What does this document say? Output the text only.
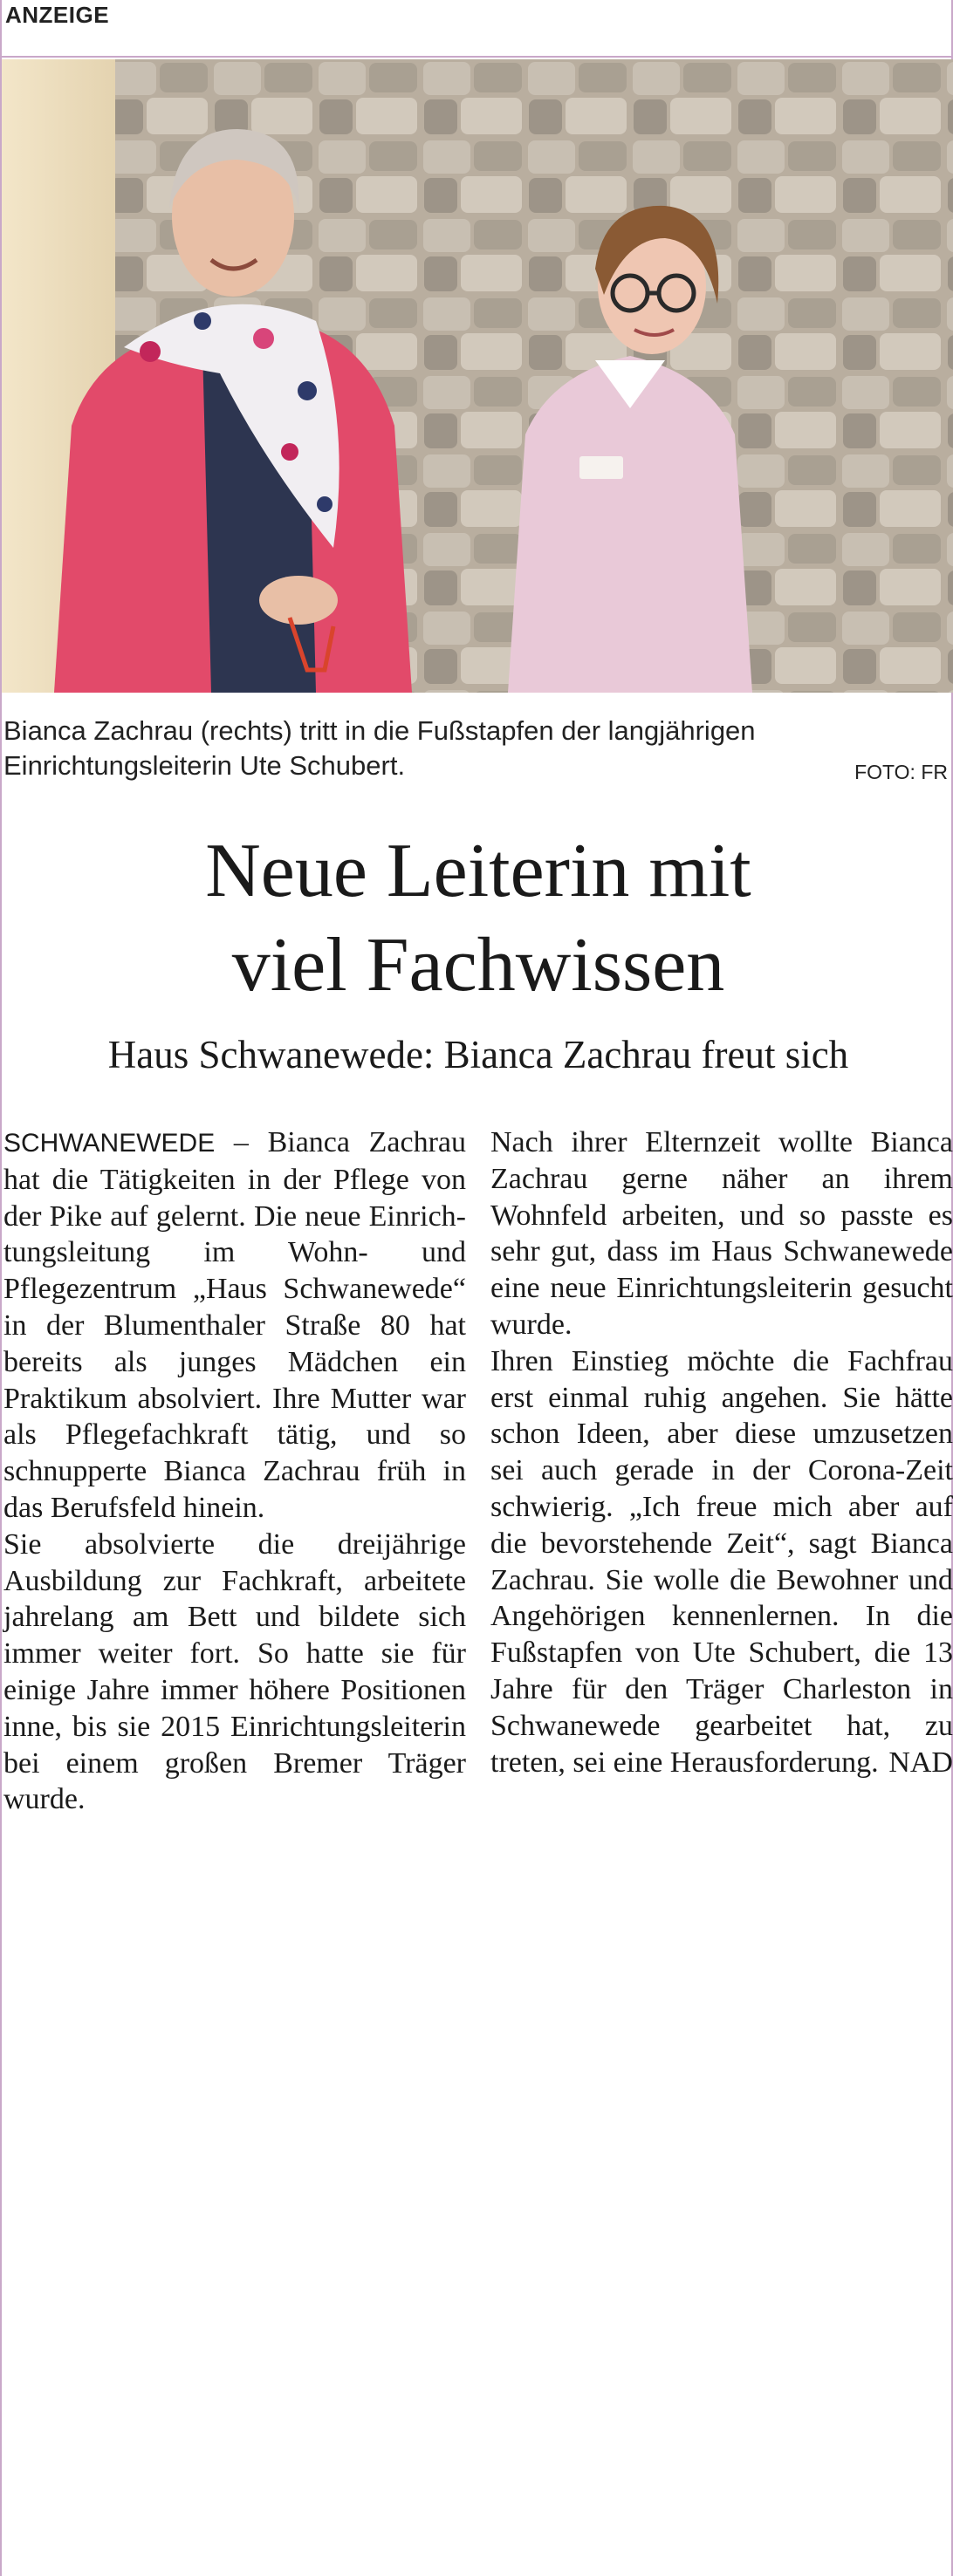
ANZEIGE
Bianca Zachrau (rechts) tritt in die Fußstapfen der langjährigen Einrichtungsleiterin Ute Schubert.	FOTO: FR
Neue Leiterin mit
viel Fachwissen
Haus Schwanewede: Bianca Zachrau freut sich

SCHWANEWEDE – Bianca Zachrau hat die Tätigkeiten in der Pflege von der Pike auf gelernt. Die neue Einrichtungsleitung im Wohn- und Pflegezentrum „Haus Schwanewede“ in der Blumenthaler Straße 80 hat bereits als junges Mädchen ein Praktikum absolviert. Ihre Mutter war als Pflegefachkraft tätig, und so schnupperte Bianca Zachrau früh in das Berufsfeld hinein.

Sie absolvierte die dreijährige Ausbildung zur Fachkraft, arbeitete jahrelang am Bett und bildete sich immer weiter fort. So hatte sie für einige Jahre immer höhere Positionen inne, bis sie 2015 Einrichtungsleiterin bei einem großen Bremer Träger wurde.

Nach ihrer Elternzeit wollte Bianca Zachrau gerne näher an ihrem Wohnfeld arbeiten, und so passte es sehr gut, dass im Haus Schwanewede eine neue Einrichtungsleiterin gesucht wurde.

Ihren Einstieg möchte die Fachfrau erst einmal ruhig angehen. Sie hätte schon Ideen, aber diese umzusetzen sei auch gerade in der Corona-Zeit schwierig. „Ich freue mich aber auf die bevorstehende Zeit“, sagt Bianca Zachrau. Sie wolle die Bewohner und Angehörigen kennenlernen. In die Fußstapfen von Ute Schubert, die 13 Jahre für den Träger Charleston in Schwanewede gearbeitet hat, zu treten, sei eine Herausforderung. NAD
